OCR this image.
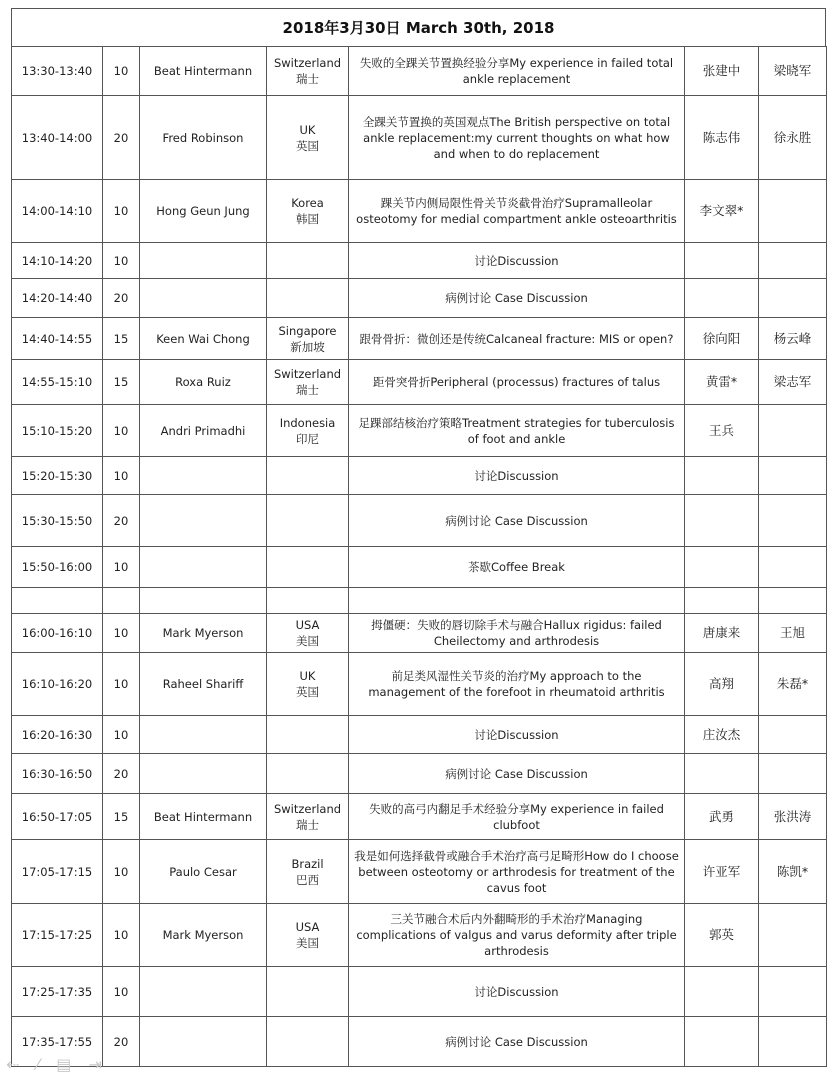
2018年3月30日 March 30th, 2018
13:30-13:40	10	Beat Hintermann	Switzerland
瑞士	失败的全踝关节置换经验分享My experience in failed total ankle replacement	张建中	梁晓军
13:40-14:00	20	Fred Robinson	UK
英国	全踝关节置换的英国观点The British perspective on total ankle replacement:my current thoughts on what how and when to do replacement	陈志伟	徐永胜
14:00-14:10	10	Hong Geun Jung	Korea
韩国	踝关节内侧局限性骨关节炎截骨治疗Supramalleolar osteotomy for medial compartment ankle osteoarthritis	李文翠*	
14:10-14:20	10			讨论Discussion		
14:20-14:40	20			病例讨论 Case Discussion		
14:40-14:55	15	Keen Wai Chong	Singapore
新加坡	跟骨骨折：微创还是传统Calcaneal fracture: MIS or open?	徐向阳	杨云峰
14:55-15:10	15	Roxa Ruiz	Switzerland
瑞士	距骨突骨折Peripheral (processus) fractures of talus	黄雷*	梁志军
15:10-15:20	10	Andri Primadhi	Indonesia
印尼	足踝部结核治疗策略Treatment strategies for tuberculosis of foot and ankle	王兵	
15:20-15:30	10			讨论Discussion		
15:30-15:50	20			病例讨论 Case Discussion		
15:50-16:00	10			茶歇Coffee Break		

16:00-16:10	10	Mark Myerson	USA
美国	拇僵硬：失败的唇切除手术与融合Hallux rigidus: failed Cheilectomy and arthrodesis	唐康来	王旭
16:10-16:20	10	Raheel Shariff	UK
英国	前足类风湿性关节炎的治疗My approach to the management of the forefoot in rheumatoid arthritis	高翔	朱磊*
16:20-16:30	10			讨论Discussion	庄汝杰	
16:30-16:50	20			病例讨论 Case Discussion		
16:50-17:05	15	Beat Hintermann	Switzerland
瑞士	失败的高弓内翻足手术经验分享My experience in failed clubfoot	武勇	张洪涛
17:05-17:15	10	Paulo Cesar	Brazil
巴西	我是如何选择截骨或融合手术治疗高弓足畸形How do I choose between osteotomy or arthrodesis for treatment of the cavus foot	许亚军	陈凯*
17:15-17:25	10	Mark Myerson	USA
美国	三关节融合术后内外翻畸形的手术治疗Managing complications of valgus and varus deformity after triple arthrodesis	郭英	
17:25-17:35	10			讨论Discussion		
17:35-17:55	20			病例讨论 Case Discussion		
⇠ ⁄ ▤ ⇥
